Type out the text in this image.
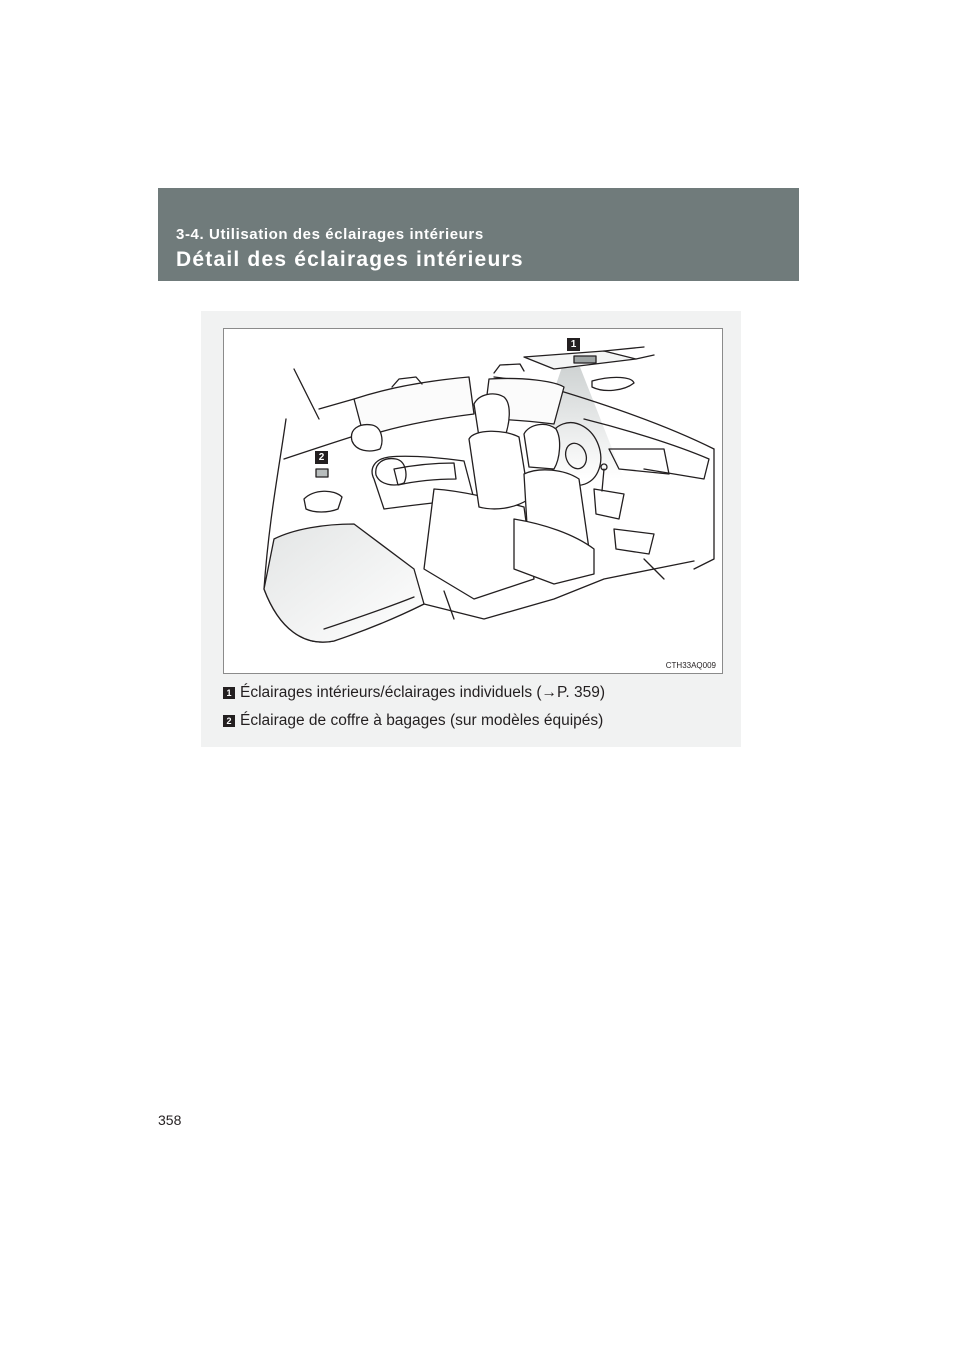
3-4. Utilisation des éclairages intérieurs
Détail des éclairages intérieurs
1
2
CTH33AQ009
1 Éclairages intérieurs/éclairages individuels (→P. 359)
2 Éclairage de coffre à bagages (sur modèles équipés)
358
